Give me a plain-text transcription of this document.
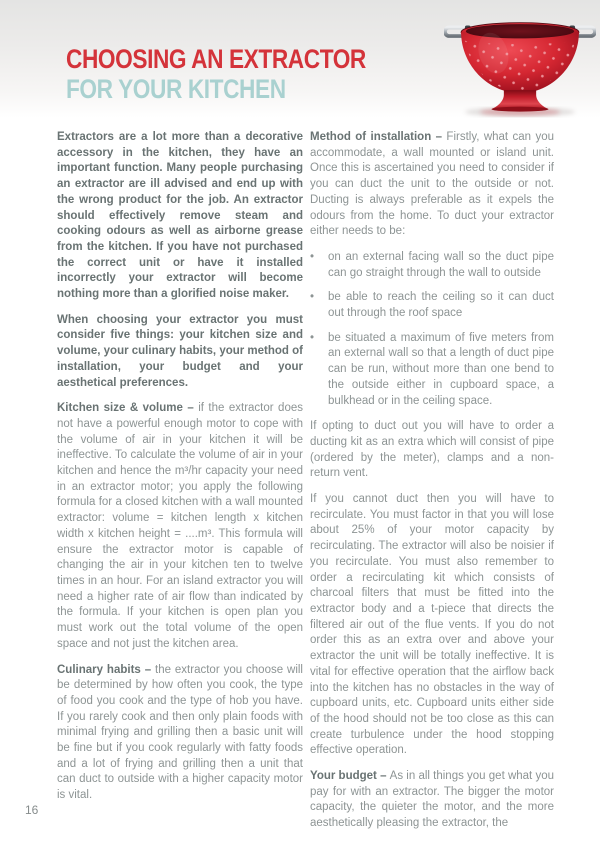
CHOOSING AN EXTRACTOR
FOR YOUR KITCHEN

Extractors are a lot more than a decorative accessory in the kitchen, they have an important function. Many people purchasing an extractor are ill advised and end up with the wrong product for the job. An extractor should effectively remove steam and cooking odours as well as airborne grease from the kitchen. If you have not purchased the correct unit or have it installed incorrectly your extractor will become nothing more than a glorified noise maker.

When choosing your extractor you must consider five things: your kitchen size and volume, your culinary habits, your method of installation, your budget and your aesthetical preferences.

Kitchen size & volume – if the extractor does not have a powerful enough motor to cope with the volume of air in your kitchen it will be ineffective. To calculate the volume of air in your kitchen and hence the m³/hr capacity your need in an extractor motor; you apply the following formula for a closed kitchen with a wall mounted extractor: volume = kitchen length x kitchen width x kitchen height = ....m³. This formula will ensure the extractor motor is capable of changing the air in your kitchen ten to twelve times in an hour. For an island extractor you will need a higher rate of air flow than indicated by the formula. If your kitchen is open plan you must work out the total volume of the open space and not just the kitchen area.

Culinary habits – the extractor you choose will be determined by how often you cook, the type of food you cook and the type of hob you have. If you rarely cook and then only plain foods with minimal frying and grilling then a basic unit will be fine but if you cook regularly with fatty foods and a lot of frying and grilling then a unit that can duct to outside with a higher capacity motor is vital.

Method of installation – Firstly, what can you accommodate, a wall mounted or island unit. Once this is ascertained you need to consider if you can duct the unit to the outside or not. Ducting is always preferable as it expels the odours from the home. To duct your extractor either needs to be:

•	on an external facing wall so the duct pipe can go straight through the wall to outside
•	be able to reach the ceiling so it can duct out through the roof space
•	be situated a maximum of five meters from an external wall so that a length of duct pipe can be run, without more than one bend to the outside either in cupboard space, a bulkhead or in the ceiling space.

If opting to duct out you will have to order a ducting kit as an extra which will consist of pipe (ordered by the meter), clamps and a non-return vent.

If you cannot duct then you will have to recirculate. You must factor in that you will lose about 25% of your motor capacity by recirculating. The extractor will also be noisier if you recirculate. You must also remember to order a recirculating kit which consists of charcoal filters that must be fitted into the extractor body and a t-piece that directs the filtered air out of the flue vents. If you do not order this as an extra over and above your extractor the unit will be totally ineffective. It is vital for effective operation that the airflow back into the kitchen has no obstacles in the way of cupboard units, etc. Cupboard units either side of the hood should not be too close as this can create turbulence under the hood stopping effective operation.

Your budget – As in all things you get what you pay for with an extractor. The bigger the motor capacity, the quieter the motor, and the more aesthetically pleasing the extractor, the

16
